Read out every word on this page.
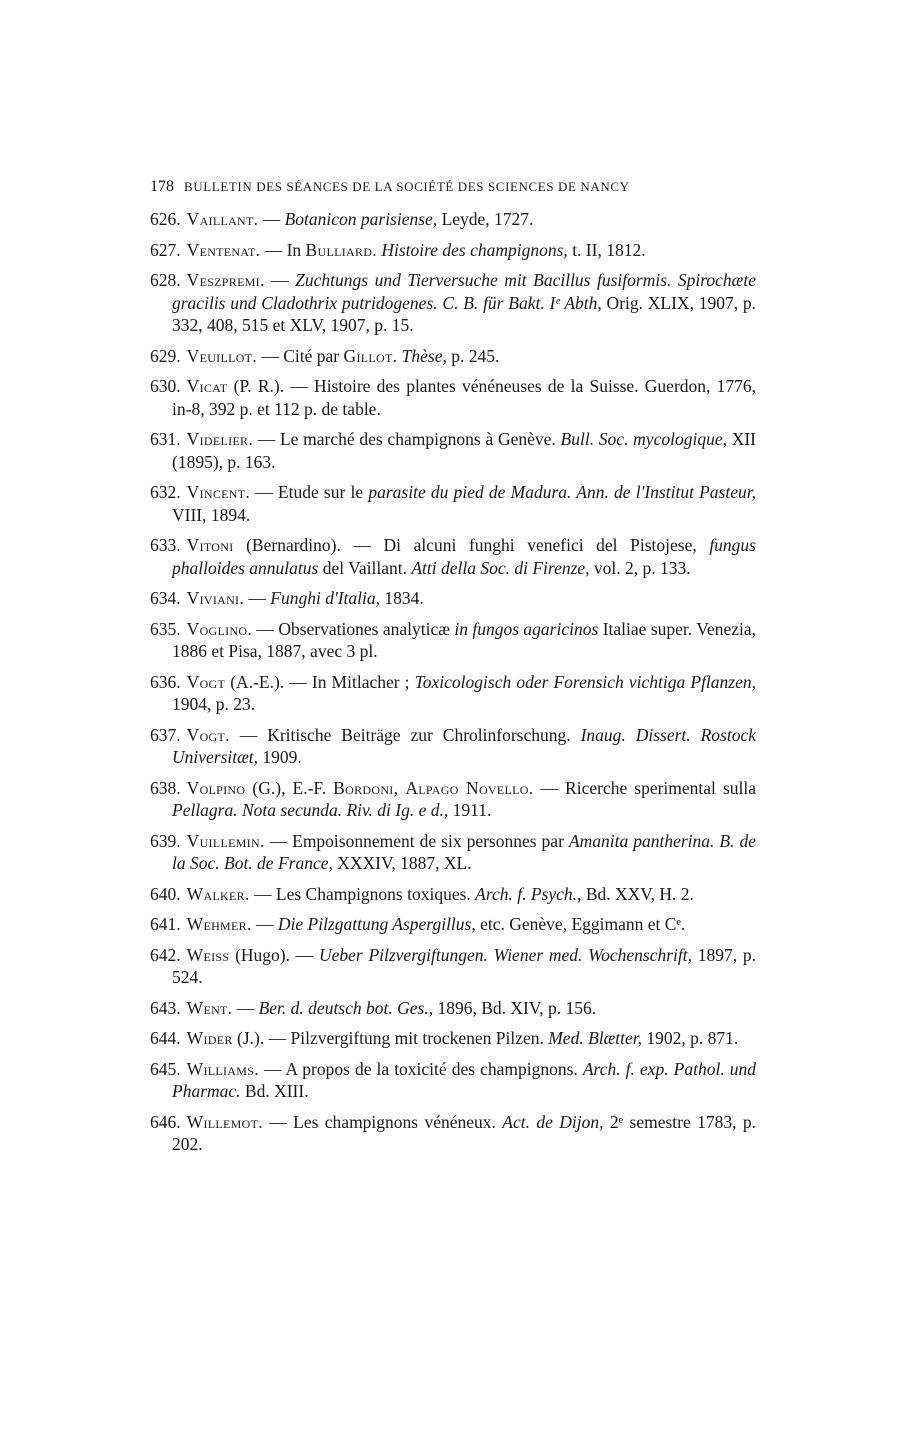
178 BULLETIN DES SÉANCES DE LA SOCIÉTÉ DES SCIENCES DE NANCY
626. Vaillant. — Botanicon parisiense, Leyde, 1727.
627. Ventenat. — In Bulliard. Histoire des champignons, t. II, 1812.
628. Veszpremi. — Zuchtungs und Tierversuche mit Bacillus fusiformis. Spirochæte gracilis und Cladothrix putridogenes. C. B. für Bakt. Iᵉ Abth, Orig. XLIX, 1907, p. 332, 408, 515 et XLV, 1907, p. 15.
629. Veuillot. — Cité par Gillot. Thèse, p. 245.
630. Vicat (P. R.). — Histoire des plantes vénéneuses de la Suisse. Guerdon, 1776, in-8, 392 p. et 112 p. de table.
631. Videlier. — Le marché des champignons à Genève. Bull. Soc. mycologique, XII (1895), p. 163.
632. Vincent. — Etude sur le parasite du pied de Madura. Ann. de l'Institut Pasteur, VIII, 1894.
633. Vitoni (Bernardino). — Di alcuni funghi venefici del Pistojese, fungus phalloides annulatus del Vaillant. Atti della Soc. di Firenze, vol. 2, p. 133.
634. Viviani. — Funghi d'Italia, 1834.
635. Voglino. — Observationes analyticæ in fungos agaricinos Italiae super. Venezia, 1886 et Pisa, 1887, avec 3 pl.
636. Vogt (A.-E.). — In Mitlacher ; Toxicologisch oder Forensich vichtiga Pflanzen, 1904, p. 23.
637. Vogt. — Kritische Beiträge zur Chrolinforschung. Inaug. Dissert. Rostock Universitæt, 1909.
638. Volpino (G.), E.-F. Bordoni, Alpago Novello. — Ricerche sperimental sulla Pellagra. Nota secunda. Riv. di Ig. e d., 1911.
639. Vuillemin. — Empoisonnement de six personnes par Amanita pantherina. B. de la Soc. Bot. de France, XXXIV, 1887, XL.
640. Walker. — Les Champignons toxiques. Arch. f. Psych., Bd. XXV, H. 2.
641. Wehmer. — Die Pilzgattung Aspergillus, etc. Genève, Eggimann et Cᵉ.
642. Weiss (Hugo). — Ueber Pilzvergiftungen. Wiener med. Wochenschrift, 1897, p. 524.
643. Went. — Ber. d. deutsch bot. Ges., 1896, Bd. XIV, p. 156.
644. Wider (J.). — Pilzvergiftung mit trockenen Pilzen. Med. Blætter, 1902, p. 871.
645. Williams. — A propos de la toxicité des champignons. Arch. f. exp. Pathol. und Pharmac. Bd. XIII.
646. Willemot. — Les champignons vénéneux. Act. de Dijon, 2ᵉ semestre 1783, p. 202.
